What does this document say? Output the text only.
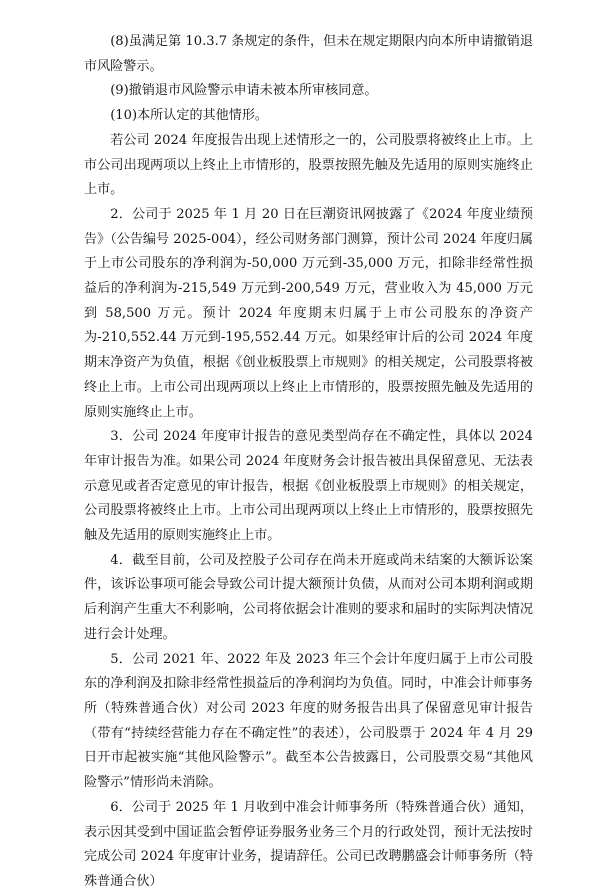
(8)虽满足第 10.3.7 条规定的条件，但未在规定期限内向本所申请撤销退市风险警示。

(9)撤销退市风险警示申请未被本所审核同意。

(10)本所认定的其他情形。

若公司 2024 年度报告出现上述情形之一的，公司股票将被终止上市。上市公司出现两项以上终止上市情形的，股票按照先触及先适用的原则实施终止上市。

2．公司于 2025 年 1 月 20 日在巨潮资讯网披露了《2024 年度业绩预告》（公告编号 2025-004），经公司财务部门测算，预计公司 2024 年度归属于上市公司股东的净利润为-50,000 万元到-35,000 万元，扣除非经常性损益后的净利润为-215,549 万元到-200,549 万元，营业收入为 45,000 万元到 58,500 万元。预计 2024 年度期末归属于上市公司股东的净资产为-210,552.44 万元到-195,552.44 万元。如果经审计后的公司 2024 年度期末净资产为负值，根据《创业板股票上市规则》的相关规定，公司股票将被终止上市。上市公司出现两项以上终止上市情形的，股票按照先触及先适用的原则实施终止上市。

3．公司 2024 年度审计报告的意见类型尚存在不确定性，具体以 2024 年审计报告为准。如果公司 2024 年度财务会计报告被出具保留意见、无法表示意见或者否定意见的审计报告，根据《创业板股票上市规则》的相关规定，公司股票将被终止上市。上市公司出现两项以上终止上市情形的，股票按照先触及先适用的原则实施终止上市。

4．截至目前，公司及控股子公司存在尚未开庭或尚未结案的大额诉讼案件，该诉讼事项可能会导致公司计提大额预计负债，从而对公司本期利润或期后利润产生重大不利影响，公司将依据会计准则的要求和届时的实际判决情况进行会计处理。

5．公司 2021 年、2022 年及 2023 年三个会计年度归属于上市公司股东的净利润及扣除非经常性损益后的净利润均为负值。同时，中准会计师事务所（特殊普通合伙）对公司 2023 年度的财务报告出具了保留意见审计报告（带有“持续经营能力存在不确定性”的表述），公司股票于 2024 年 4 月 29 日开市起被实施“其他风险警示”。截至本公告披露日，公司股票交易“其他风险警示”情形尚未消除。

6．公司于 2025 年 1 月收到中准会计师事务所（特殊普通合伙）通知，表示因其受到中国证监会暂停证券服务业务三个月的行政处罚，预计无法按时完成公司 2024 年度审计业务，提请辞任。公司已改聘鹏盛会计师事务所（特殊普通合伙）
